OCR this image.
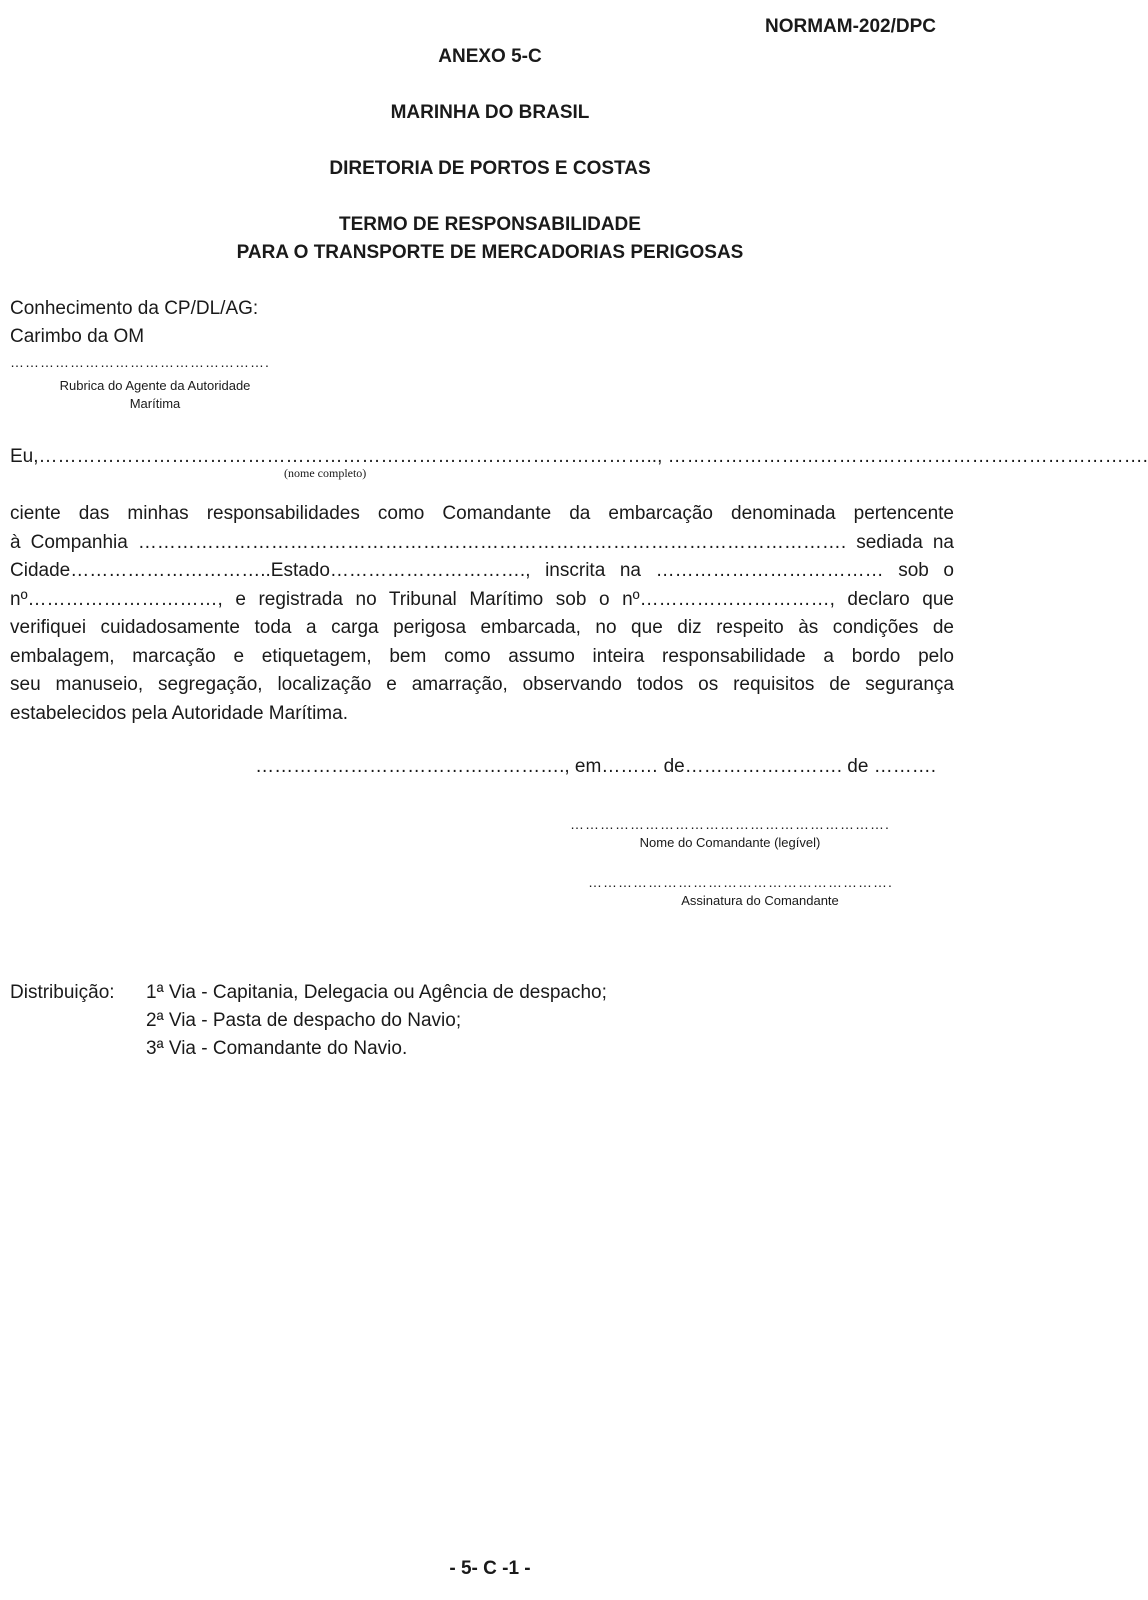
NORMAM-202/DPC
ANEXO 5-C
MARINHA DO BRASIL
DIRETORIA DE PORTOS E COSTAS
TERMO DE RESPONSABILIDADE
PARA O TRANSPORTE DE MERCADORIAS PERIGOSAS
Conhecimento da CP/DL/AG:
Carimbo da OM
…………………………………………….
Rubrica do Agente da Autoridade
Marítima
Eu,…………………………………………………………………………………….., ………………………………………………………………….
(nome completo)
ciente das minhas responsabilidades como Comandante da embarcação denominada pertencente
à Companhia …………………………………………………………………………………………………. sediada na
Cidade…………………………..Estado…………………………., inscrita na ……………………………… sob o
nº…………………………, e registrada no Tribunal Marítimo sob o nº…………………………, declaro que
verifiquei cuidadosamente toda a carga perigosa embarcada, no que diz respeito às condições de
embalagem, marcação e etiquetagem, bem como assumo inteira responsabilidade a bordo pelo
seu manuseio, segregação, localização e amarração, observando todos os requisitos de segurança
estabelecidos pela Autoridade Marítima.
…………………………………………., em……… de……………………. de ……….
……………………………………………………….
Nome do Comandante (legível)
…………………………………………………….
Assinatura do Comandante
Distribuição: 1ª Via - Capitania, Delegacia ou Agência de despacho;
2ª Via - Pasta de despacho do Navio;
3ª Via - Comandante do Navio.
- 5- C -1 -
